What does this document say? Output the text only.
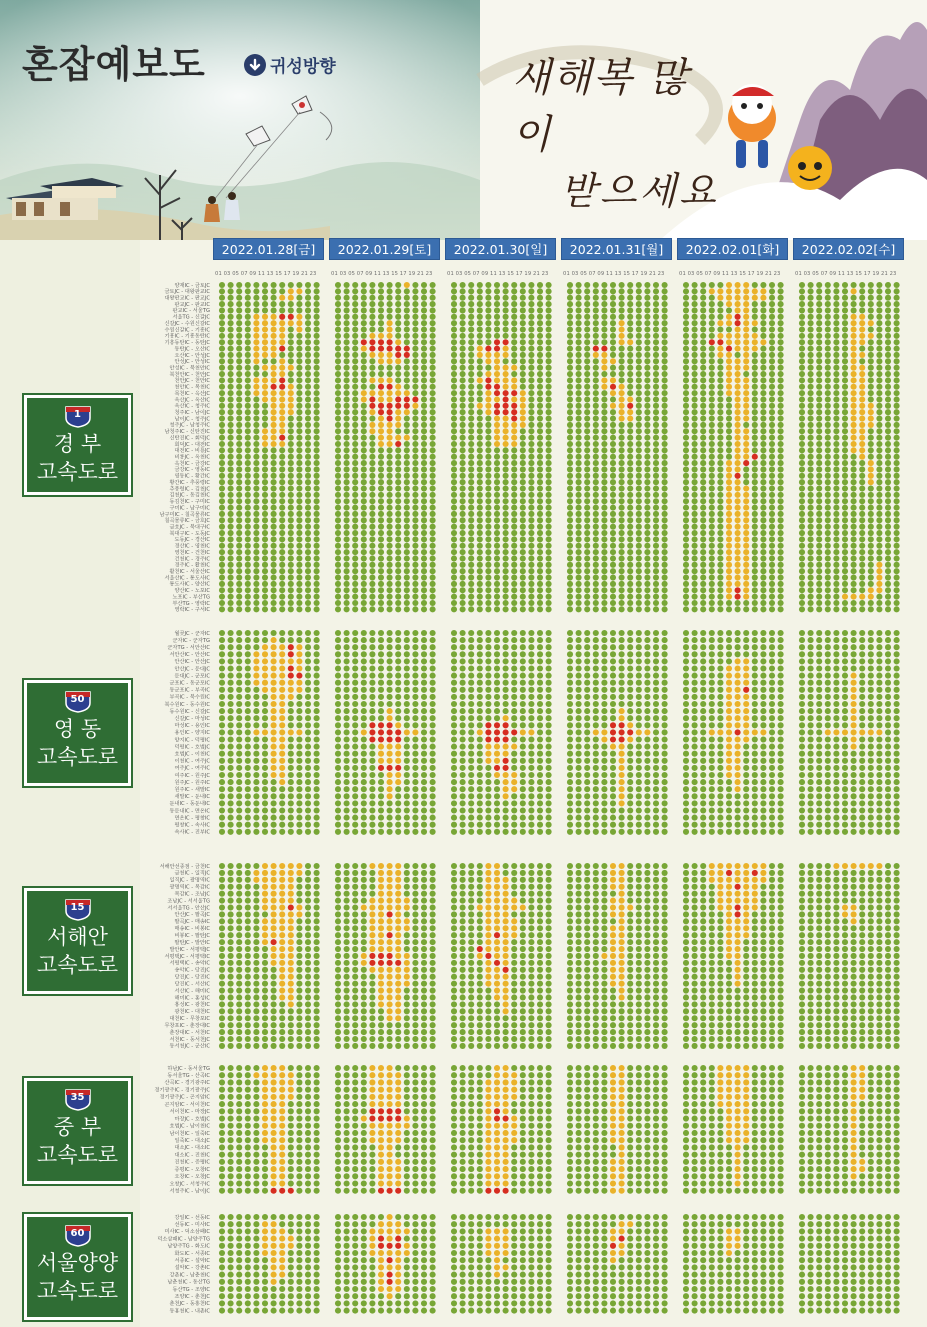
혼잡예보도	귀성방향	새해복 많이
받으세요
2022.01.28[금]	2022.01.29[토]	2022.01.30[일]	2022.01.31[월]	2022.02.01[화]	2022.02.02[수]
01 03 05 07 09 11 13 15 17 19 21 23	01 03 05 07 09 11 13 15 17 19 21 23	01 03 05 07 09 11 13 15 17 19 21 23	01 03 05 07 09 11 13 15 17 19 21 23	01 03 05 07 09 11 13 15 17 19 21 23	01 03 05 07 09 11 13 15 17 19 21 23
양재IC - 금토JC
금토JC - 대왕판교IC
대왕판교IC - 판교JC
판교JC - 판교IC
판교IC - 서울TG
서울TG - 신갈JC
신갈JC - 수원신갈IC
수원신갈IC - 기흥IC
기흥IC - 기흥동탄IC
기흥동탄IC - 동탄JC
동탄JC - 오산IC
오산IC - 안성JC
안성JC - 안성IC
안성IC - 북천안IC
북천안IC - 천안JC
천안JC - 천안IC
천안IC - 목천IC
목천IC - 옥산JC
옥산JC - 옥산IC
옥산IC - 청주IC
청주IC - 남이JC
남이JC - 청주JC
청주JC - 남청주IC
남청주IC - 신탄진IC
신탄진IC - 회덕JC
회덕JC - 대전IC
대전IC - 비룡JC
비룡JC - 옥천IC
옥천IC - 금강IC
금강IC - 영동IC
영동IC - 황간IC
황간IC - 추풍령IC
추풍령IC - 김천JC
김천JC - 동김천IC
동김천IC - 구미IC
구미IC - 남구미IC
남구미IC - 칠곡물류IC
칠곡물류IC - 금호JC
금호JC - 북대구IC
북대구IC - 도동JC
도동JC - 경산IC
경산IC - 영천IC
영천IC - 건천IC
건천IC - 경주IC
경주IC - 활천IC
활천IC - 서울산IC
서울산IC - 통도사IC
통도사IC - 양산IC
양산IC - 노포IC
노포IC - 부산TG
부산TG - 영락IC
영락IC - 구서IC
월곶JC - 군자IC
군자IC - 군자TG
군자TG - 서안산IC
서안산IC - 안산IC
안산IC - 안산JC
안산JC - 둔대JC
둔대JC - 군포IC
군포IC - 동군포IC
동군포IC - 부곡IC
부곡IC - 북수원IC
북수원IC - 동수원IC
동수원IC - 신갈JC
신갈JC - 마성IC
마성IC - 용인IC
용인IC - 양지IC
양지IC - 덕평IC
덕평IC - 호법JC
호법JC - 이천IC
이천IC - 여주JC
여주JC - 여주IC
여주IC - 원주JC
원주JC - 원주IC
원주IC - 새말IC
새말IC - 둔내IC
둔내IC - 동둔내IC
동둔내IC - 면온IC
면온IC - 평창IC
평창IC - 속사IC
속사IC - 진부IC
서해안선종점 - 금천IC
금천IC - 일직JC
일직JC - 광명역IC
광명역IC - 목감IC
목감IC - 조남JC
조남JC - 서서울TG
서서울TG - 안산JC
안산JC - 팔곡JC
팔곡JC - 매송IC
매송IC - 비봉IC
비봉IC - 팔탄JC
팔탄JC - 발안IC
발안IC - 서평택JC
서평택JC - 서평택IC
서평택IC - 송악IC
송악IC - 당진JC
당진JC - 당진IC
당진IC - 서산IC
서산IC - 해미IC
해미IC - 홍성IC
홍성IC - 광천IC
광천IC - 대천IC
대천IC - 무창포IC
무창포IC - 춘장대IC
춘장대IC - 서천IC
서천IC - 동서천JC
동서천JC - 군산IC
하남JC - 동서울TG
동서울TG - 산곡IC
산곡IC - 경기광주IC
경기광주IC - 경기광주JC
경기광주JC - 곤지암IC
곤지암IC - 서이천IC
서이천IC - 마장JC
마장JC - 호법JC
호법JC - 남이천IC
남이천IC - 일죽IC
일죽IC - 대소JC
대소JC - 대소IC
대소IC - 진천IC
진천IC - 증평IC
증평IC - 오창IC
오창IC - 오창JC
오창JC - 서청주IC
서청주IC - 남이JC
강일IC - 선동IC
선동IC - 미사IC
미사IC - 덕소삼패IC
덕소삼패IC - 남양주TG
남양주TG - 화도IC
화도IC - 서종IC
서종IC - 설악IC
설악IC - 강촌IC
강촌IC - 남춘천IC
남춘천IC - 동산TG
동산TG - 조양IC
조양IC - 춘천JC
춘천JC - 동홍천IC
동홍천IC - 내촌IC
1
경 부
고속도로
50
영 동
고속도로
15
서해안
고속도로
35
중 부
고속도로
60
서울양양
고속도로
